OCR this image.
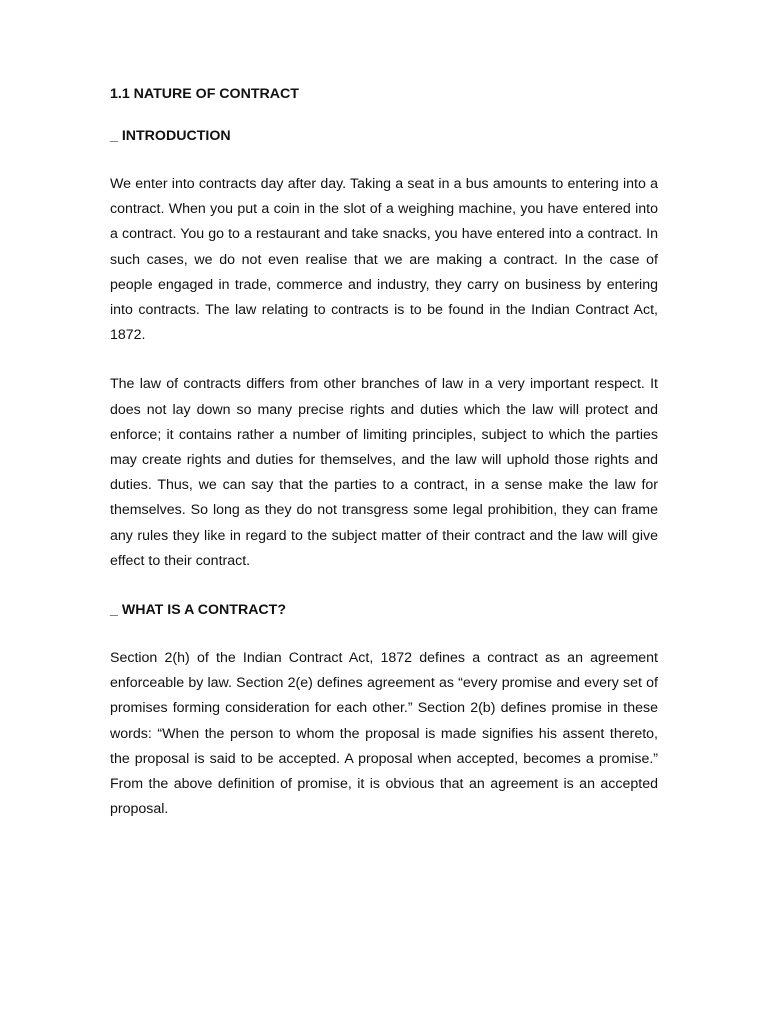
1.1 NATURE OF CONTRACT
_ INTRODUCTION

We enter into contracts day after day. Taking a seat in a bus amounts to entering into a contract. When you put a coin in the slot of a weighing machine, you have entered into a contract. You go to a restaurant and take snacks, you have entered into a contract. In such cases, we do not even realise that we are making a contract. In the case of people engaged in trade, commerce and industry, they carry on business by entering into contracts. The law relating to contracts is to be found in the Indian Contract Act, 1872.

The law of contracts differs from other branches of law in a very important respect. It does not lay down so many precise rights and duties which the law will protect and enforce; it contains rather a number of limiting principles, subject to which the parties may create rights and duties for themselves, and the law will uphold those rights and duties. Thus, we can say that the parties to a contract, in a sense make the law for themselves. So long as they do not transgress some legal prohibition, they can frame any rules they like in regard to the subject matter of their contract and the law will give effect to their contract.

_ WHAT IS A CONTRACT?

Section 2(h) of the Indian Contract Act, 1872 defines a contract as an agreement enforceable by law. Section 2(e) defines agreement as “every promise and every set of promises forming consideration for each other.” Section 2(b) defines promise in these words: “When the person to whom the proposal is made signifies his assent thereto, the proposal is said to be accepted. A proposal when accepted, becomes a promise.” From the above definition of promise, it is obvious that an agreement is an accepted proposal.
